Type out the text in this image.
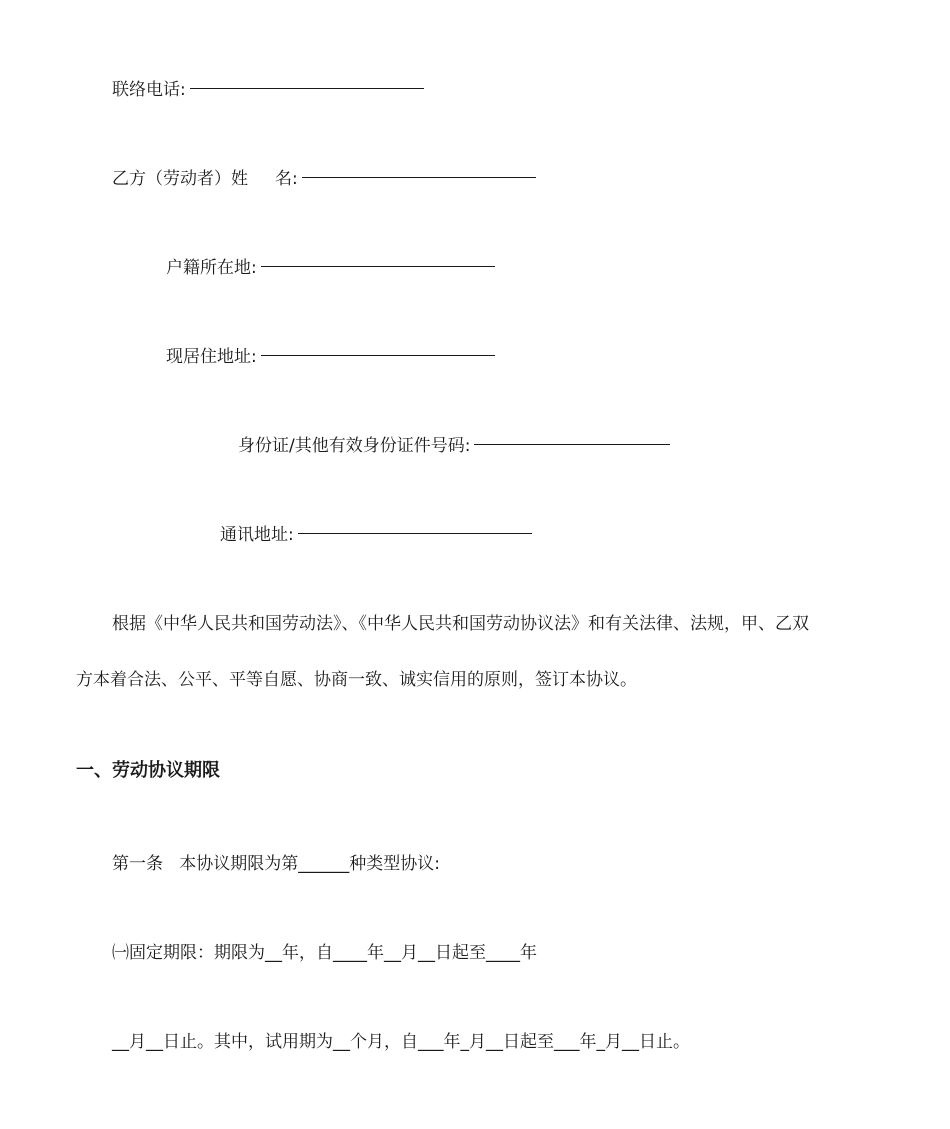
联络电话:
乙方（劳动者）姓     名:
户籍所在地:
现居住地址:
身份证/其他有效身份证件号码:
通讯地址:
根据《中华人民共和国劳动法》、《中华人民共和国劳动协议法》和有关法律、法规，甲、乙双
方本着合法、公平、平等自愿、协商一致、诚实信用的原则，签订本协议。
一、劳动协议期限
第一条   本协议期限为第______种类型协议:
㈠固定期限：期限为__年，自____年__月__日起至____年
__月__日止。其中，试用期为__个月，自___年_月__日起至___年_月__日止。
